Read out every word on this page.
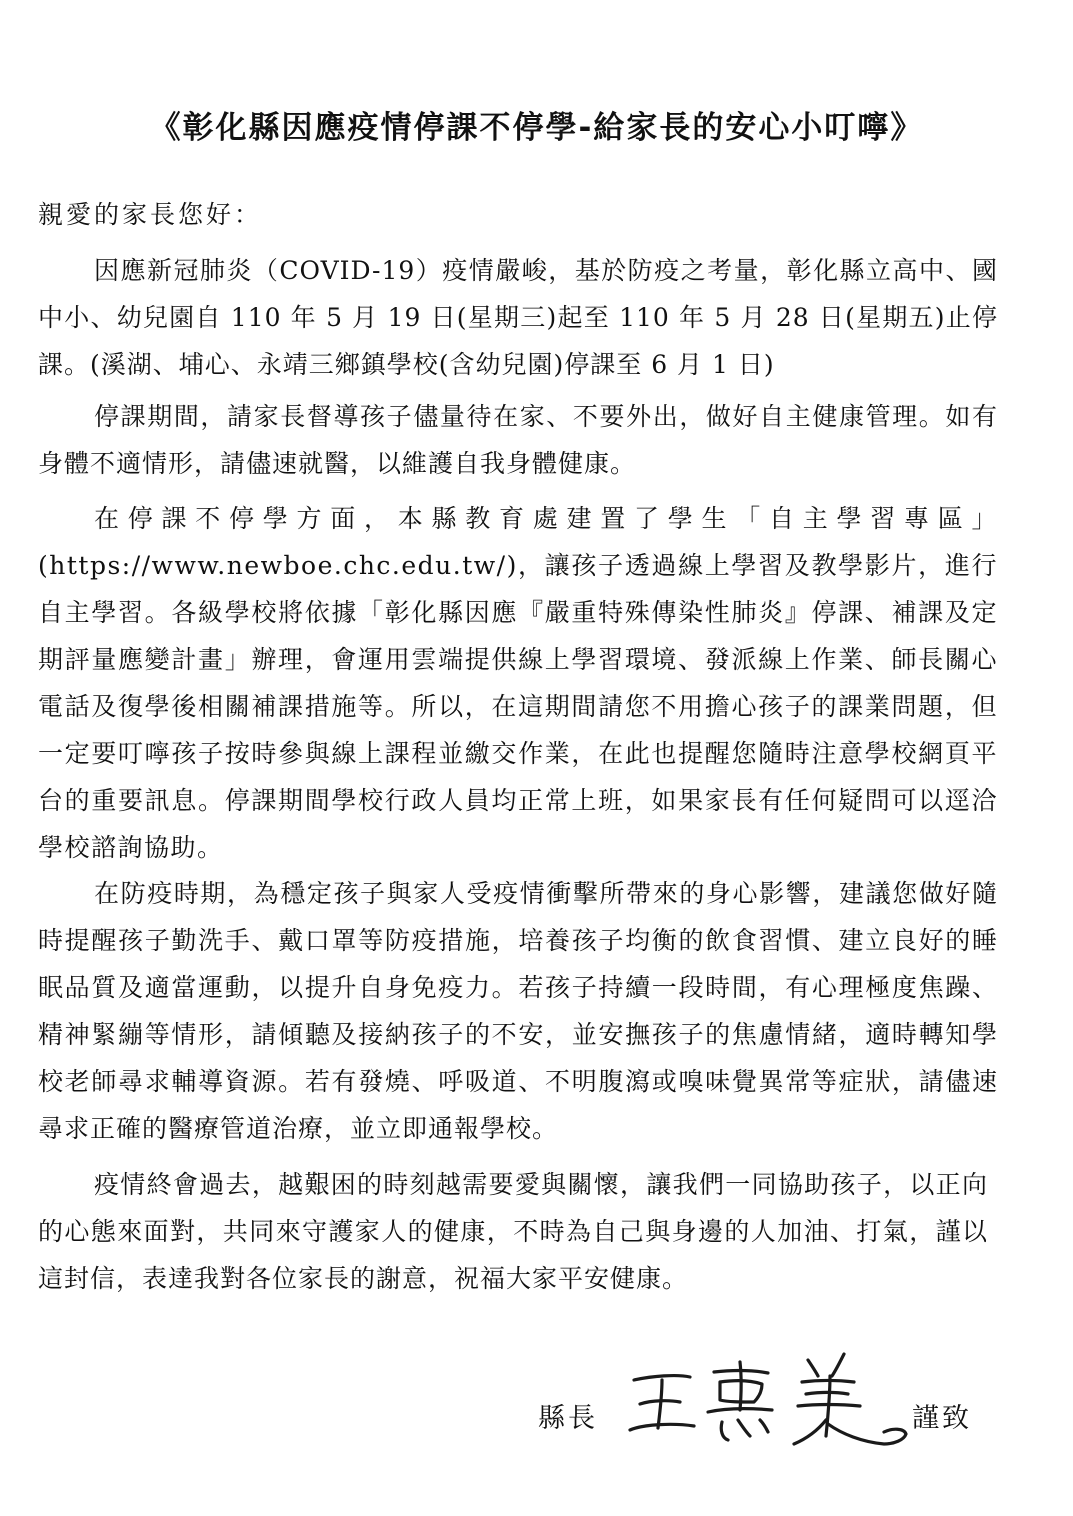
《彰化縣因應疫情停課不停學-給家長的安心小叮嚀》

親愛的家長您好：

因應新冠肺炎（COVID-19）疫情嚴峻，基於防疫之考量，彰化縣立高中、國中小、幼兒園自 110 年 5 月 19 日(星期三)起至 110 年 5 月 28 日(星期五)止停課。(溪湖、埔心、永靖三鄉鎮學校(含幼兒園)停課至 6 月 1 日)

停課期間，請家長督導孩子儘量待在家、不要外出，做好自主健康管理。如有身體不適情形，請儘速就醫，以維護自我身體健康。

在停課不停學方面，本縣教育處建置了學生「自主學習專區」(https://www.newboe.chc.edu.tw/)，讓孩子透過線上學習及教學影片，進行自主學習。各級學校將依據「彰化縣因應『嚴重特殊傳染性肺炎』停課、補課及定期評量應變計畫」辦理，會運用雲端提供線上學習環境、發派線上作業、師長關心電話及復學後相關補課措施等。所以，在這期間請您不用擔心孩子的課業問題，但一定要叮嚀孩子按時參與線上課程並繳交作業，在此也提醒您隨時注意學校網頁平台的重要訊息。停課期間學校行政人員均正常上班，如果家長有任何疑問可以逕洽學校諮詢協助。

在防疫時期，為穩定孩子與家人受疫情衝擊所帶來的身心影響，建議您做好隨時提醒孩子勤洗手、戴口罩等防疫措施，培養孩子均衡的飲食習慣、建立良好的睡眠品質及適當運動，以提升自身免疫力。若孩子持續一段時間，有心理極度焦躁、精神緊繃等情形，請傾聽及接納孩子的不安，並安撫孩子的焦慮情緒，適時轉知學校老師尋求輔導資源。若有發燒、呼吸道、不明腹瀉或嗅味覺異常等症狀，請儘速尋求正確的醫療管道治療，並立即通報學校。

疫情終會過去，越艱困的時刻越需要愛與關懷，讓我們一同協助孩子，以正向的心態來面對，共同來守護家人的健康，不時為自己與身邊的人加油、打氣，謹以這封信，表達我對各位家長的謝意，祝福大家平安健康。

縣長	謹致
